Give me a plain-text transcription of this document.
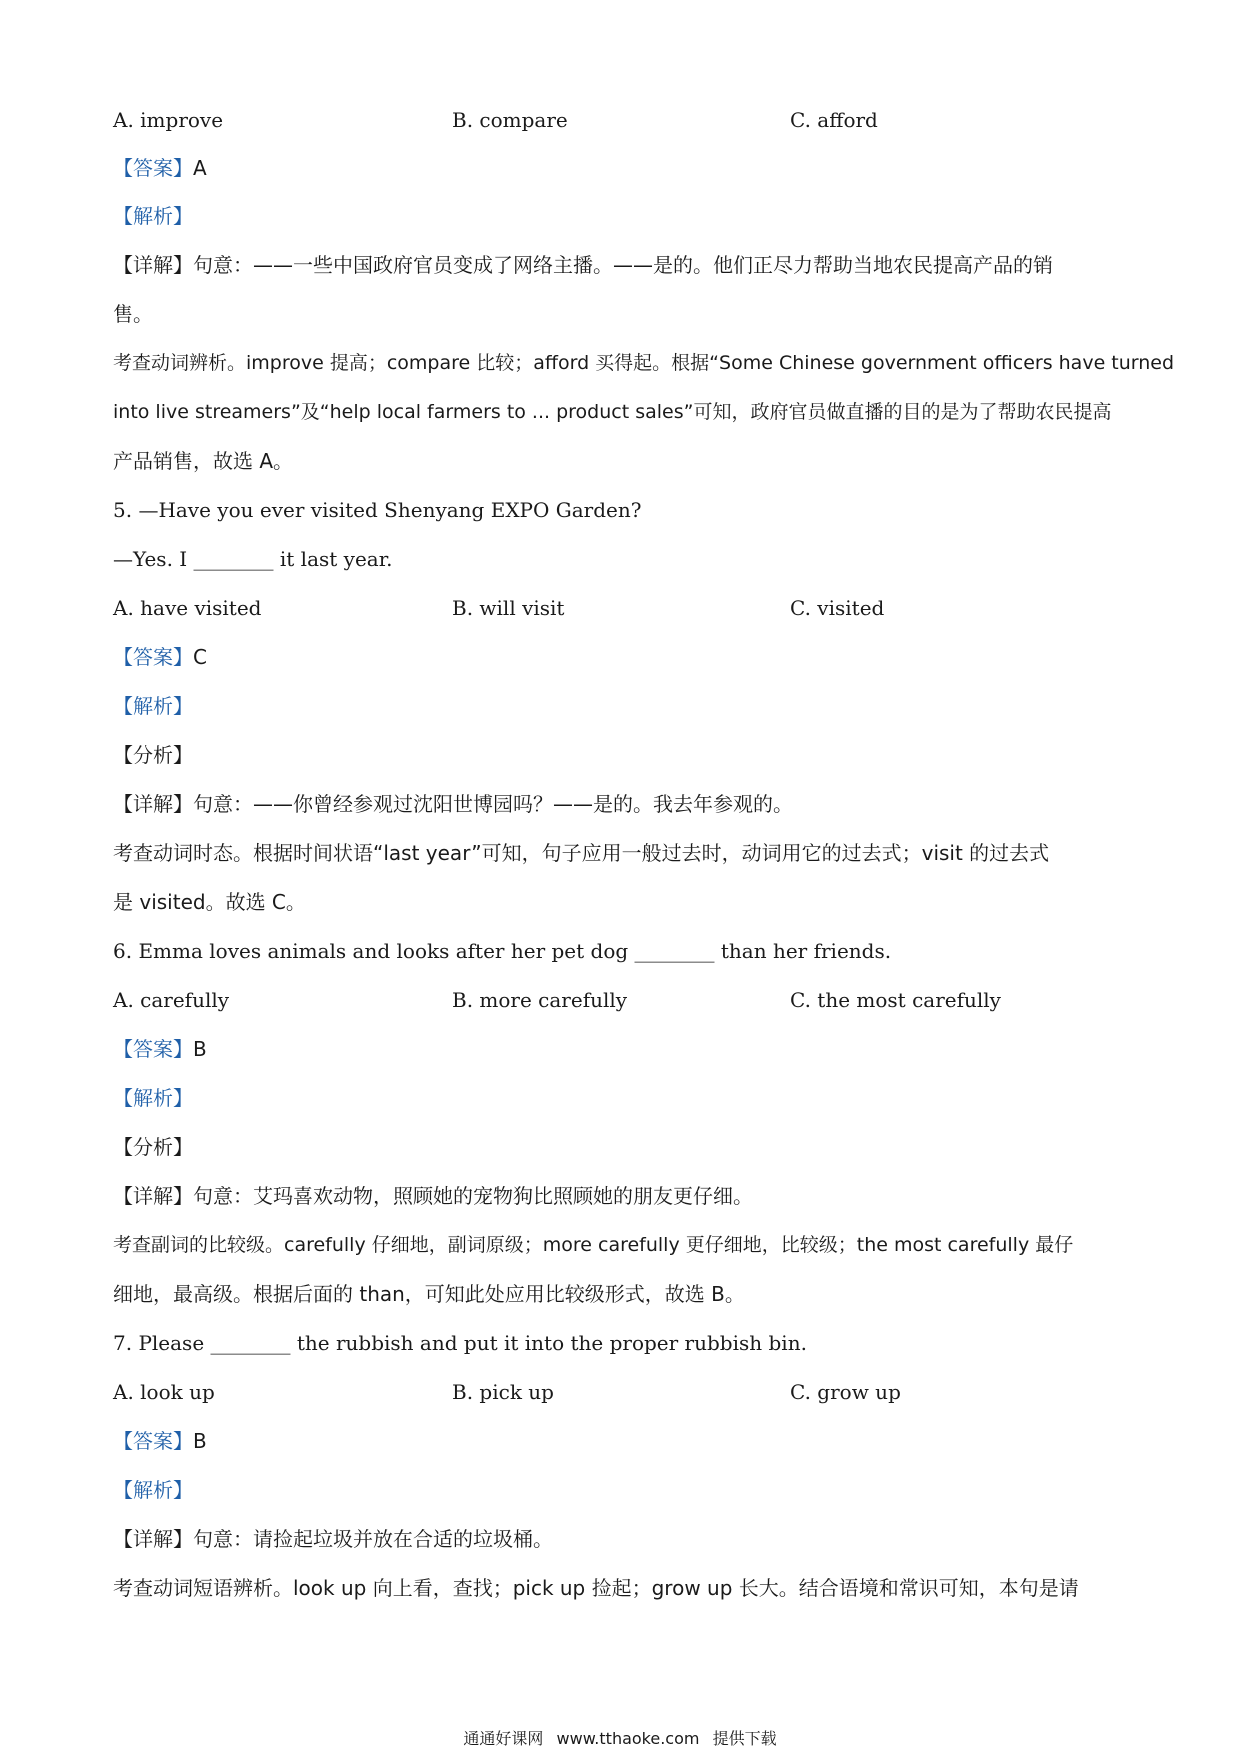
A. improve	B. compare	C. afford
【答案】A
【解析】
【详解】句意：——一些中国政府官员变成了网络主播。——是的。他们正尽力帮助当地农民提高产品的销
售。
考查动词辨析。improve 提高；compare 比较；afford 买得起。根据“Some Chinese government officers have turned
into live streamers”及“help local farmers to ... product sales”可知，政府官员做直播的目的是为了帮助农民提高
产品销售，故选 A。
5. —Have you ever visited Shenyang EXPO Garden?
—Yes. I ________ it last year.
A. have visited	B. will visit	C. visited
【答案】C
【解析】
【分析】
【详解】句意：——你曾经参观过沈阳世博园吗？——是的。我去年参观的。
考查动词时态。根据时间状语“last year”可知，句子应用一般过去时，动词用它的过去式；visit 的过去式
是 visited。故选 C。
6. Emma loves animals and looks after her pet dog ________ than her friends.
A. carefully	B. more carefully	C. the most carefully
【答案】B
【解析】
【分析】
【详解】句意：艾玛喜欢动物，照顾她的宠物狗比照顾她的朋友更仔细。
考查副词的比较级。carefully 仔细地，副词原级；more carefully 更仔细地，比较级；the most carefully 最仔
细地，最高级。根据后面的 than，可知此处应用比较级形式，故选 B。
7. Please ________ the rubbish and put it into the proper rubbish bin.
A. look up	B. pick up	C. grow up
【答案】B
【解析】
【详解】句意：请捡起垃圾并放在合适的垃圾桶。
考查动词短语辨析。look up 向上看，查找；pick up 捡起；grow up 长大。结合语境和常识可知，本句是请
通通好课网 www.tthaoke.com 提供下载
